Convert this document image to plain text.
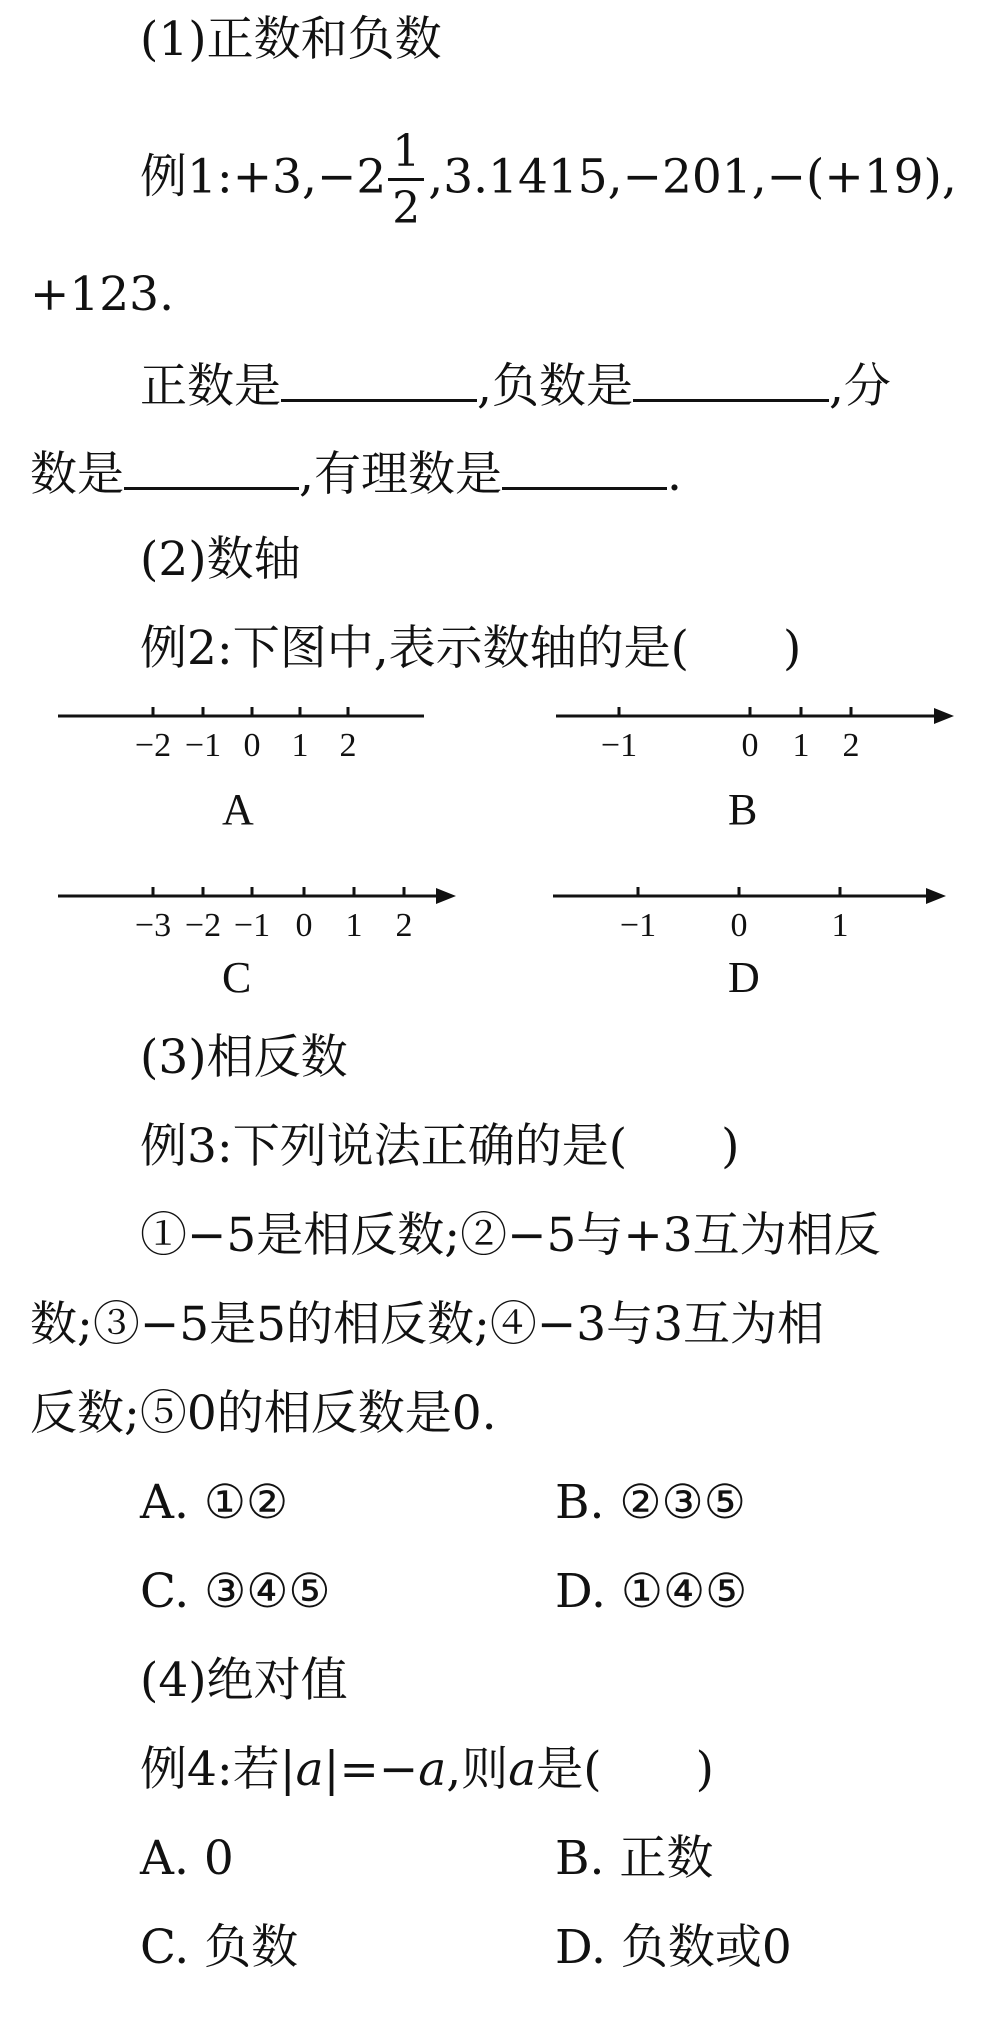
(1)正数和负数
例1:+3,−2 $\frac{1}{2} ,3.1415,-201,-(+19)$,
+123.
正数是	,负数是	,分
数是	,有理数是	.
(2)数轴
例2:下图中,表示数轴的是(　　)
−2 −1 0 1 2	−1	0 1 2
−3 −2 −1 0 1 2	−1 0 1
A	B
C	D
(3)相反数
例3:下列说法正确的是(　　)
①−5是相反数;②−5与+3互为相反
数;③−5是5的相反数;④−3与3互为相
反数;⑤0的相反数是0.
A. ①②	B. ②③⑤
C. ③④⑤	D. ①④⑤
(4)绝对值
例4:若|a|=−a,则a是(　　)
A. 0	B. 正数
C. 负数	D. 负数或0
